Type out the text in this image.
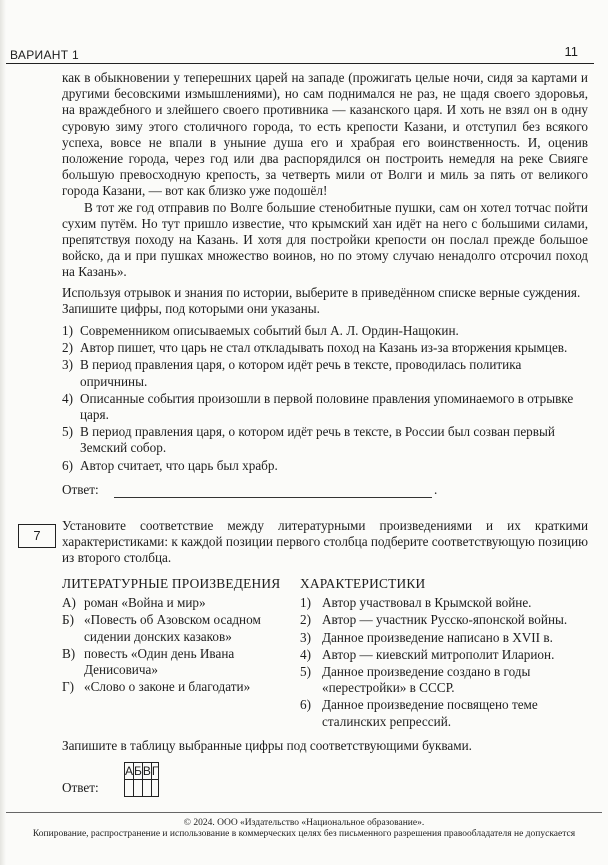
ВАРИАНТ 1	11

как в обыкновении у теперешних царей на западе (прожигать целые ночи, сидя за картами и другими бесовскими измышлениями), но сам поднимался не раз, не щадя своего здоровья, на враждебного и злейшего своего противника — казанского царя. И хоть не взял он в одну суровую зиму этого столичного города, то есть крепости Казани, и отступил без всякого успеха, вовсе не впали в уныние душа его и храбрая его воинственность. И, оценив положение города, через год или два распорядился он построить немедля на реке Свияге большую превосходную крепость, за четверть мили от Волги и миль за пять от великого города Казани, — вот как близко уже подошёл!

В тот же год отправив по Волге большие стенобитные пушки, сам он хотел тотчас пойти сухим путём. Но тут пришло известие, что крымский хан идёт на него с большими силами, препятствуя походу на Казань. И хотя для постройки крепости он послал прежде большое войско, да и при пушках множество воинов, но по этому случаю ненадолго отсрочил поход на Казань».

Используя отрывок и знания по истории, выберите в приведённом списке верные суждения.

Запишите цифры, под которыми они указаны.

1) Современником описываемых событий был А. Л. Ордин-Нащокин.
2) Автор пишет, что царь не стал откладывать поход на Казань из-за вторжения крымцев.
3) В период правления царя, о котором идёт речь в тексте, проводилась политика опричнины.
4) Описанные события произошли в первой половине правления упоминаемого в отрывке царя.
5) В период правления царя, о котором идёт речь в тексте, в России был созван первый Земский собор.
6) Автор считает, что царь был храбр.
Ответ:	.
7

Установите соответствие между литературными произведениями и их краткими характеристиками: к каждой позиции первого столбца подберите соответствующую позицию из второго столбца.

ЛИТЕРАТУРНЫЕ ПРОИЗВЕДЕНИЯ

А) роман «Война и мир»
Б) «Повесть об Азовском осадном сидении донских казаков»
В) повесть «Один день Ивана Денисовича»
Г) «Слово о законе и благодати»

ХАРАКТЕРИСТИКИ

1) Автор участвовал в Крымской войне.
2) Автор — участник Русско-японской войны.
3) Данное произведение написано в XVII в.
4) Автор — киевский митрополит Иларион.
5) Данное произведение создано в годы «перестройки» в СССР.
6) Данное произведение посвящено теме сталинских репрессий.
Запишите в таблицу выбранные цифры под соответствующими буквами.
Ответ:
А	Б	В	Г

© 2024. ООО «Издательство «Национальное образование».
Копирование, распространение и использование в коммерческих целях без письменного разрешения правообладателя не допускается
